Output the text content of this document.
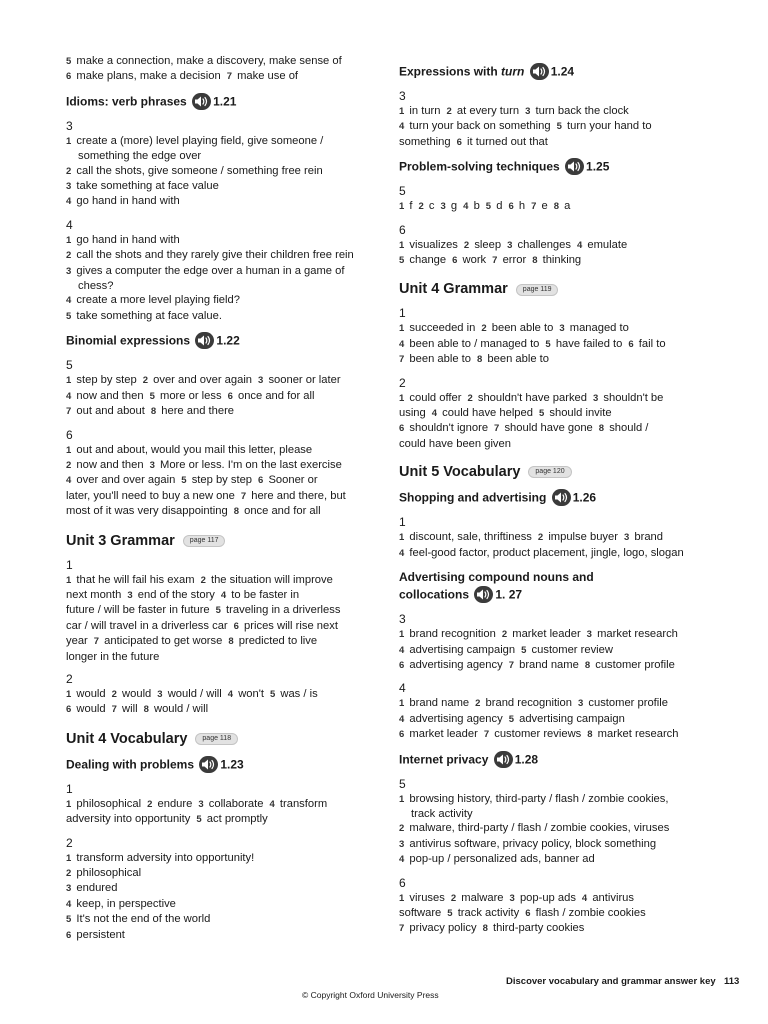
5 make a connection, make a discovery, make sense of
6 make plans, make a decision 7 make use of
Idioms: verb phrases 1.21
3
1 create a (more) level playing field, give someone /
something the edge over
2 call the shots, give someone / something free rein
3 take something at face value
4 go hand in hand with
4
1 go hand in hand with
2 call the shots and they rarely give their children free rein
3 gives a computer the edge over a human in a game of
chess?
4 create a more level playing field?
5 take something at face value.
Binomial expressions 1.22
5
1 step by step 2 over and over again 3 sooner or later
4 now and then 5 more or less 6 once and for all
7 out and about 8 here and there
6
1 out and about, would you mail this letter, please
2 now and then 3 More or less. I'm on the last exercise
4 over and over again 5 step by step 6 Sooner or
later, you'll need to buy a new one 7 here and there, but
most of it was very disappointing 8 once and for all
Unit 3 Grammar page 117
1
1 that he will fail his exam 2 the situation will improve
next month 3 end of the story 4 to be faster in
future / will be faster in future 5 traveling in a driverless
car / will travel in a driverless car 6 prices will rise next
year 7 anticipated to get worse 8 predicted to live
longer in the future
2
1 would 2 would 3 would / will 4 won't 5 was / is
6 would 7 will 8 would / will
Unit 4 Vocabulary page 118
Dealing with problems 1.23
1
1 philosophical 2 endure 3 collaborate 4 transform
adversity into opportunity 5 act promptly
2
1 transform adversity into opportunity!
2 philosophical
3 endured
4 keep, in perspective
5 It's not the end of the world
6 persistent
Expressions with turn 1.24
3
1 in turn 2 at every turn 3 turn back the clock
4 turn your back on something 5 turn your hand to
something 6 it turned out that
Problem-solving techniques 1.25
5
1 f 2 c 3 g 4 b 5 d 6 h 7 e 8 a
6
1 visualizes 2 sleep 3 challenges 4 emulate
5 change 6 work 7 error 8 thinking
Unit 4 Grammar page 119
1
1 succeeded in 2 been able to 3 managed to
4 been able to / managed to 5 have failed to 6 fail to
7 been able to 8 been able to
2
1 could offer 2 shouldn't have parked 3 shouldn't be
using 4 could have helped 5 should invite
6 shouldn't ignore 7 should have gone 8 should /
could have been given
Unit 5 Vocabulary page 120
Shopping and advertising 1.26
1
1 discount, sale, thriftiness 2 impulse buyer 3 brand
4 feel-good factor, product placement, jingle, logo, slogan
Advertising compound nouns and
collocations 1. 27
3
1 brand recognition 2 market leader 3 market research
4 advertising campaign 5 customer review
6 advertising agency 7 brand name 8 customer profile
4
1 brand name 2 brand recognition 3 customer profile
4 advertising agency 5 advertising campaign
6 market leader 7 customer reviews 8 market research
Internet privacy 1.28
5
1 browsing history, third-party / flash / zombie cookies,
track activity
2 malware, third-party / flash / zombie cookies, viruses
3 antivirus software, privacy policy, block something
4 pop-up / personalized ads, banner ad
6
1 viruses 2 malware 3 pop-up ads 4 antivirus
software 5 track activity 6 flash / zombie cookies
7 privacy policy 8 third-party cookies
Discover vocabulary and grammar answer key 113
© Copyright Oxford University Press
